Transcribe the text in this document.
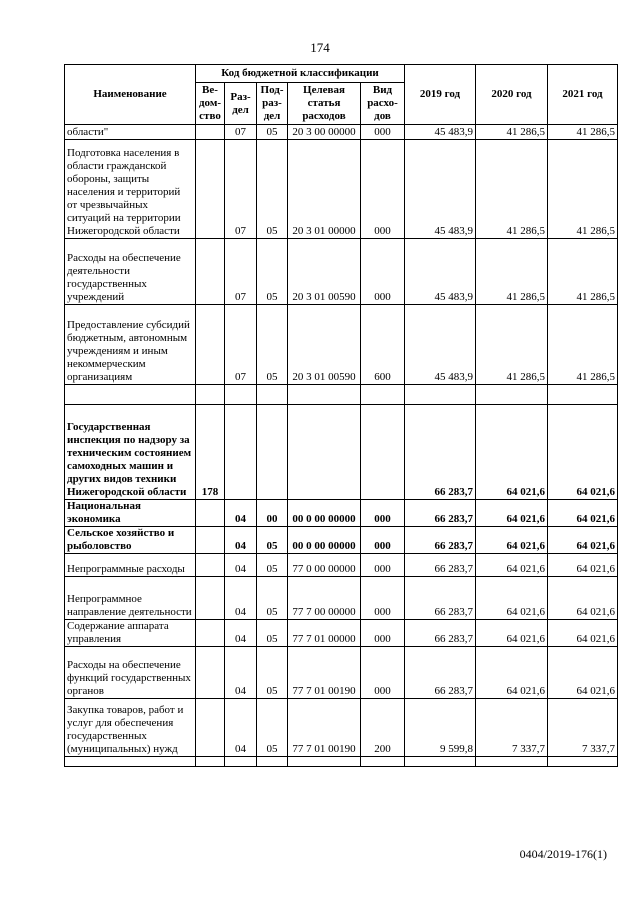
174
Наименование	Код бюджетной классификации					2019 год	2020 год	2021 год
	Ве-дом-ство	Раз-дел	Под-раз-дел	Целевая статья расходов	Вид расхо-дов			
области"		07	05	20 3 00 00000	000	45 483,9	41 286,5	41 286,5
Подготовка населения в области гражданской обороны, защиты населения и территорий от чрезвычайных ситуаций на территории Нижегородской области		07	05	20 3 01 00000	000	45 483,9	41 286,5	41 286,5
Расходы на обеспечение деятельности государственных учреждений		07	05	20 3 01 00590	000	45 483,9	41 286,5	41 286,5
Предоставление субсидий бюджетным, автономным учреждениям и иным некоммерческим организациям		07	05	20 3 01 00590	600	45 483,9	41 286,5	41 286,5

Государственная инспекция по надзору за техническим состоянием самоходных машин и других видов техники Нижегородской области	178					66 283,7	64 021,6	64 021,6
Национальная экономика		04	00	00 0 00 00000	000	66 283,7	64 021,6	64 021,6
Сельское хозяйство и рыболовство		04	05	00 0 00 00000	000	66 283,7	64 021,6	64 021,6
Непрограммные расходы		04	05	77 0 00 00000	000	66 283,7	64 021,6	64 021,6
Непрограммное направление деятельности		04	05	77 7 00 00000	000	66 283,7	64 021,6	64 021,6
Содержание аппарата управления		04	05	77 7 01 00000	000	66 283,7	64 021,6	64 021,6
Расходы на обеспечение функций государственных органов		04	05	77 7 01 00190	000	66 283,7	64 021,6	64 021,6
Закупка товаров, работ и услуг для обеспечения государственных (муниципальных) нужд		04	05	77 7 01 00190	200	9 599,8	7 337,7	7 337,7

0404/2019-176(1)
